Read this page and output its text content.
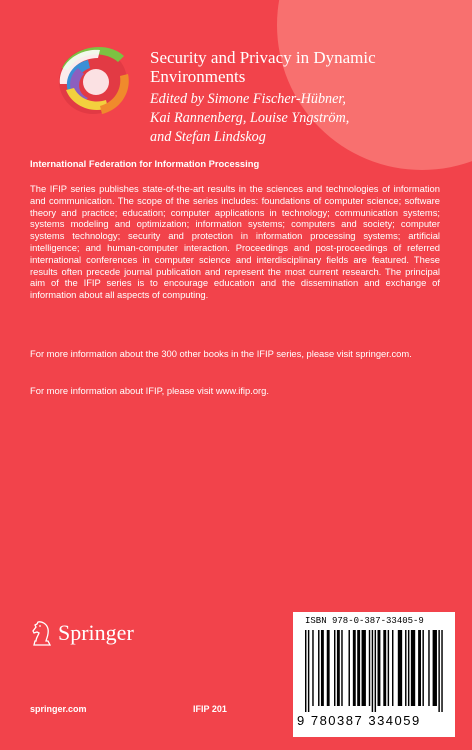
Security and Privacy in Dynamic Environments
Edited by Simone Fischer-Hübner,
Kai Rannenberg, Louise Yngström,
and Stefan Lindskog
International Federation for Information Processing

The IFIP series publishes state-of-the-art results in the sciences and technologies of information and communication. The scope of the series includes: foundations of computer science; software theory and practice; education; computer applications in technology; communication systems; systems modeling and optimization; information systems; computers and society; computer systems technology; security and protection in information processing systems; artificial intelligence; and human-computer interaction. Proceedings and post-proceedings of referred international conferences in computer science and interdisciplinary fields are featured. These results often precede journal publication and represent the most current research. The principal aim of the IFIP series is to encourage education and the dissemination and exchange of information about all aspects of computing.

For more information about the 300 other books in the IFIP series, please visit springer.com.

For more information about IFIP, please visit www.ifip.org.

Springer
springer.com	IFIP 201
ISBN 978-0-387-33405-9
9 780387 334059
